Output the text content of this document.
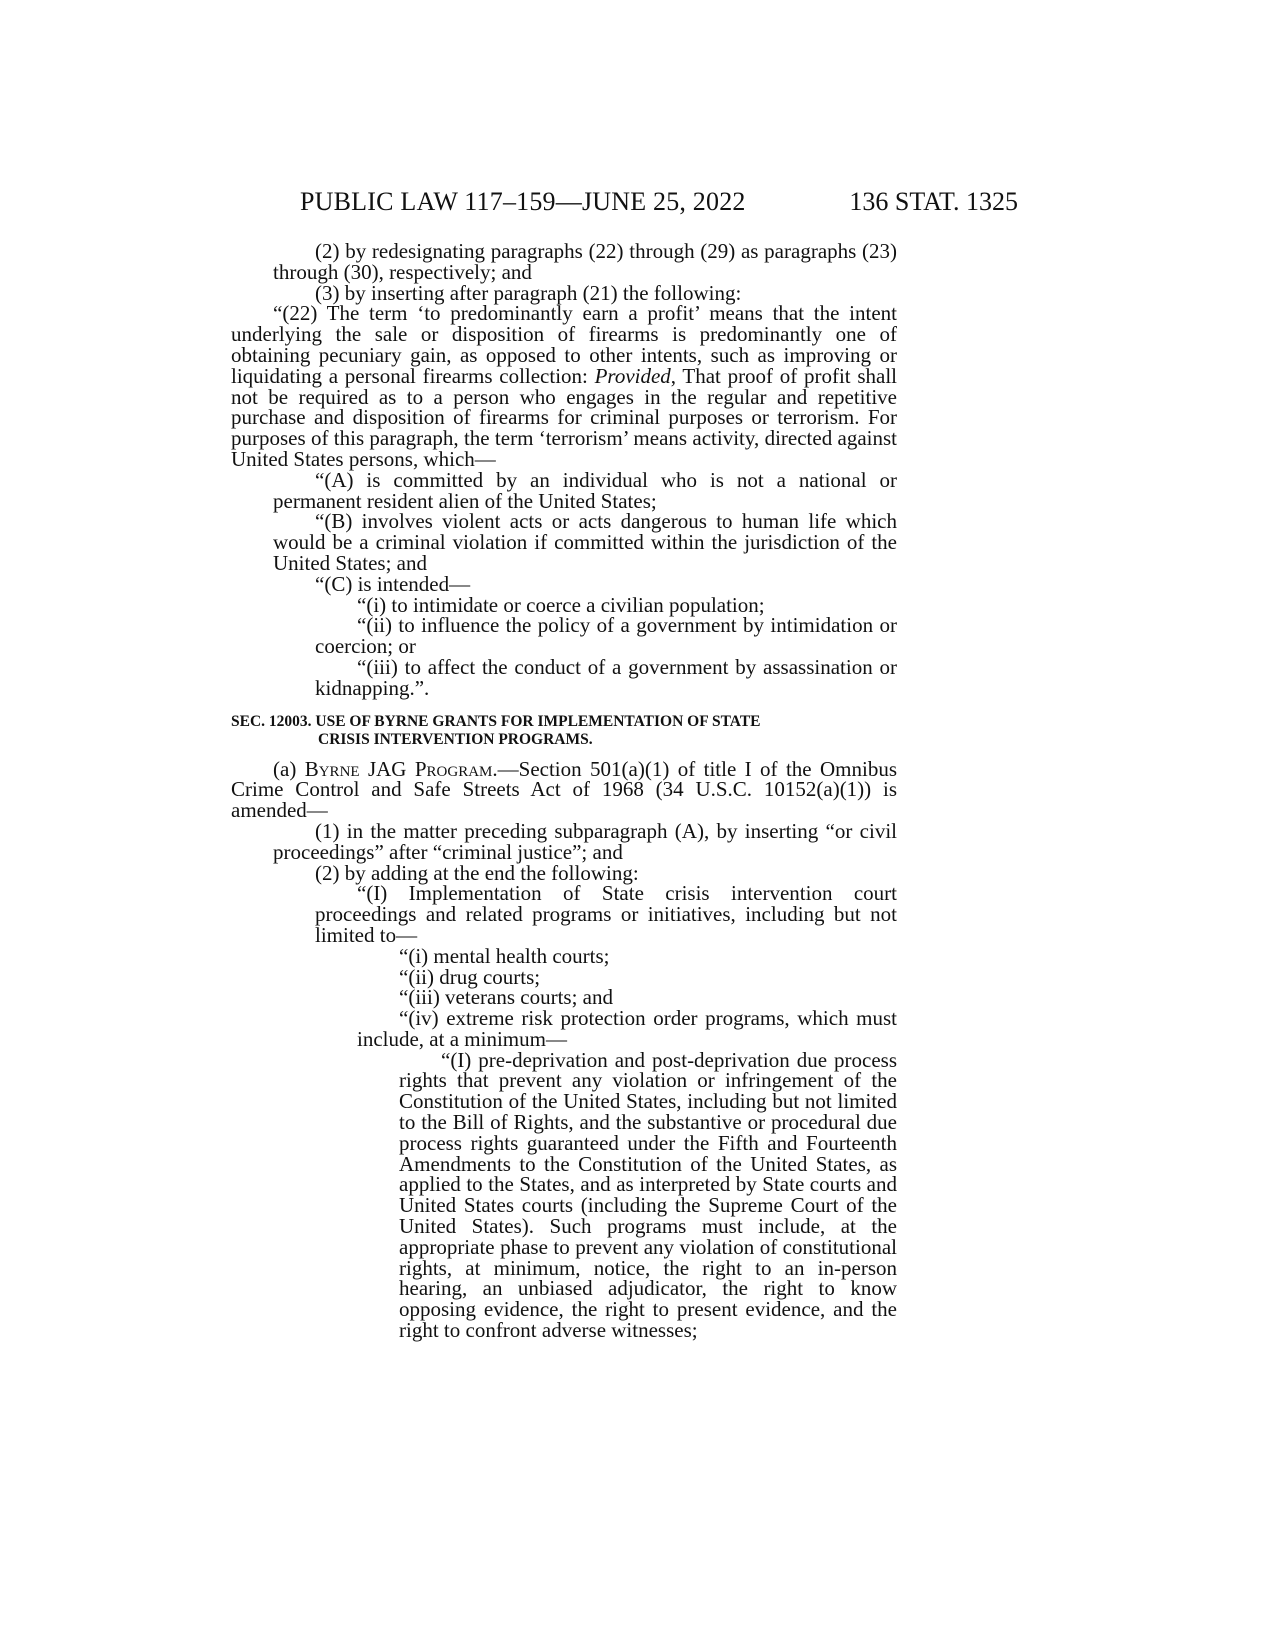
PUBLIC LAW 117–159—JUNE 25, 2022	136 STAT. 1325

(2) by redesignating paragraphs (22) through (29) as paragraphs (23) through (30), respectively; and

(3) by inserting after paragraph (21) the following:

“(22) The term ‘to predominantly earn a profit’ means that the intent underlying the sale or disposition of firearms is predominantly one of obtaining pecuniary gain, as opposed to other intents, such as improving or liquidating a personal firearms collection: Provided, That proof of profit shall not be required as to a person who engages in the regular and repetitive purchase and disposition of firearms for criminal purposes or terrorism. For purposes of this paragraph, the term ‘terrorism’ means activity, directed against United States persons, which—

“(A) is committed by an individual who is not a national or permanent resident alien of the United States;

“(B) involves violent acts or acts dangerous to human life which would be a criminal violation if committed within the jurisdiction of the United States; and

“(C) is intended—

“(i) to intimidate or coerce a civilian population;

“(ii) to influence the policy of a government by intimidation or coercion; or

“(iii) to affect the conduct of a government by assassination or kidnapping.”.

SEC. 12003. USE OF BYRNE GRANTS FOR IMPLEMENTATION OF STATE
CRISIS INTERVENTION PROGRAMS.

(a) Byrne JAG Program.—Section 501(a)(1) of title I of the Omnibus Crime Control and Safe Streets Act of 1968 (34 U.S.C. 10152(a)(1)) is amended—

(1) in the matter preceding subparagraph (A), by inserting “or civil proceedings” after “criminal justice”; and

(2) by adding at the end the following:

“(I) Implementation of State crisis intervention court proceedings and related programs or initiatives, including but not limited to—

“(i) mental health courts;

“(ii) drug courts;

“(iii) veterans courts; and

“(iv) extreme risk protection order programs, which must include, at a minimum—

“(I) pre-deprivation and post-deprivation due process rights that prevent any violation or infringement of the Constitution of the United States, including but not limited to the Bill of Rights, and the substantive or procedural due process rights guaranteed under the Fifth and Fourteenth Amendments to the Constitution of the United States, as applied to the States, and as interpreted by State courts and United States courts (including the Supreme Court of the United States). Such programs must include, at the appropriate phase to prevent any violation of constitutional rights, at minimum, notice, the right to an in-person hearing, an unbiased adjudicator, the right to know opposing evidence, the right to present evidence, and the right to confront adverse witnesses;
